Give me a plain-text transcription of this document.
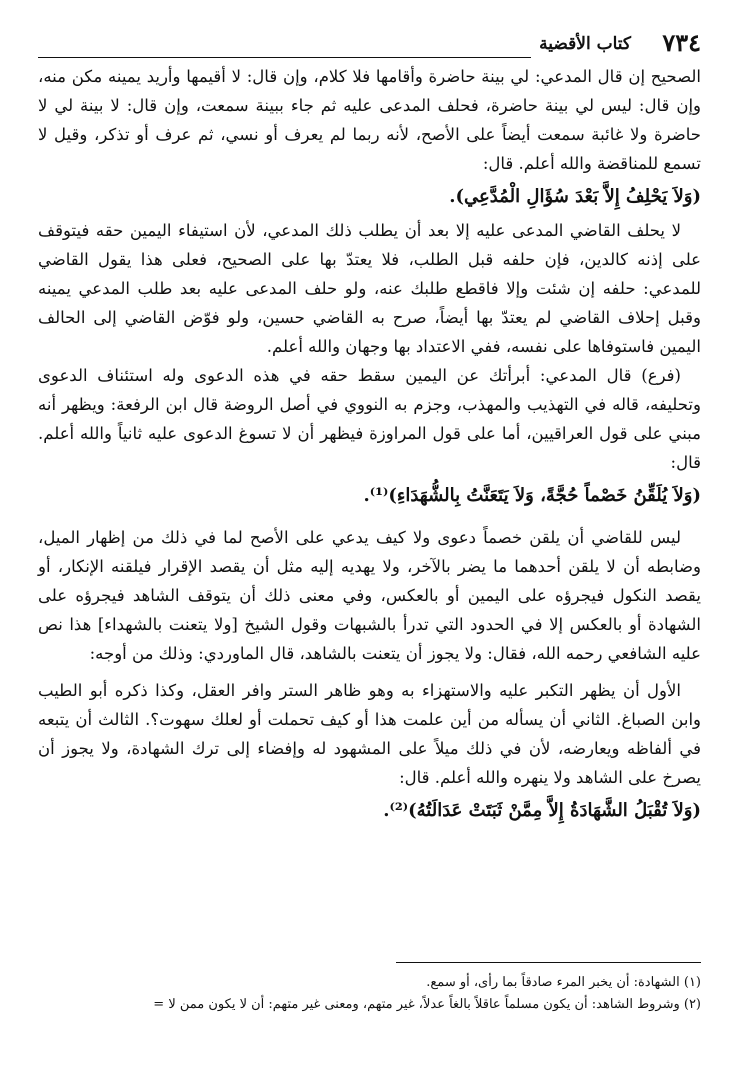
٧٣٤
كتاب الأقضية
الصحيح إن قال المدعي: لي بينة حاضرة وأقامها فلا كلام، وإن قال: لا أقيمها وأريد يمينه مكن منه، وإن قال: ليس لي بينة حاضرة، فحلف المدعى عليه ثم جاء ببينة سمعت، وإن قال: لا بينة لي لا حاضرة ولا غائبة سمعت أيضاً على الأصح، لأنه ربما لم يعرف أو نسي، ثم عرف أو تذكر، وقيل لا تسمع للمناقضة والله أعلم. قال:
(وَلاَ يَحْلِفُ إِلاَّ بَعْدَ سُؤَالِ الْمُدَّعِي).
لا يحلف القاضي المدعى عليه إلا بعد أن يطلب ذلك المدعي، لأن استيفاء اليمين حقه فيتوقف على إذنه كالدين، فإن حلفه قبل الطلب، فلا يعتدّ بها على الصحيح، فعلى هذا يقول القاضي للمدعي: حلفه إن شئت وإلا فاقطع طلبك عنه، ولو حلف المدعى عليه بعد طلب المدعي يمينه وقبل إحلاف القاضي لم يعتدّ بها أيضاً، صرح به القاضي حسين، ولو فوّض القاضي إلى الحالف اليمين فاستوفاها على نفسه، ففي الاعتداد بها وجهان والله أعلم.
(فرع) قال المدعي: أبرأتك عن اليمين سقط حقه في هذه الدعوى وله استئناف الدعوى وتحليفه، قاله في التهذيب والمهذب، وجزم به النووي في أصل الروضة قال ابن الرفعة: ويظهر أنه مبني على قول العراقيين، أما على قول المراوزة فيظهر أن لا تسوغ الدعوى عليه ثانياً والله أعلم. قال:
(وَلاَ يُلَقِّنُ خَصْماً حُجَّةً، وَلاَ يَتَعَنَّتُ بِالشُّهَدَاءِ)⁽¹⁾.
ليس للقاضي أن يلقن خصماً دعوى ولا كيف يدعي على الأصح لما في ذلك من إظهار الميل، وضابطه أن لا يلقن أحدهما ما يضر بالآخر، ولا يهديه إليه مثل أن يقصد الإقرار فيلقنه الإنكار، أو يقصد النكول فيجرؤه على اليمين أو بالعكس، وفي معنى ذلك أن يتوقف الشاهد فيجرؤه على الشهادة أو بالعكس إلا في الحدود التي تدرأ بالشبهات وقول الشيخ [ولا يتعنت بالشهداء] هذا نص عليه الشافعي رحمه الله، فقال: ولا يجوز أن يتعنت بالشاهد، قال الماوردي: وذلك من أوجه:
الأول أن يظهر التكبر عليه والاستهزاء به وهو ظاهر الستر وافر العقل، وكذا ذكره أبو الطيب وابن الصباغ. الثاني أن يسأله من أين علمت هذا أو كيف تحملت أو لعلك سهوت؟. الثالث أن يتبعه في ألفاظه ويعارضه، لأن في ذلك ميلاً على المشهود له وإفضاء إلى ترك الشهادة، ولا يجوز أن يصرخ على الشاهد ولا ينهره والله أعلم. قال:
(وَلاَ تُقْبَلُ الشَّهَادَةُ إِلاَّ مِمَّنْ ثَبَتَتْ عَدَالَتُهُ)⁽²⁾.
(١) الشهادة: أن يخبر المرء صادقاً بما رأى، أو سمع.
(٢) وشروط الشاهد: أن يكون مسلماً عاقلاً بالغاً عدلاً، غير متهم، ومعنى غير متهم: أن لا يكون ممن لا =
